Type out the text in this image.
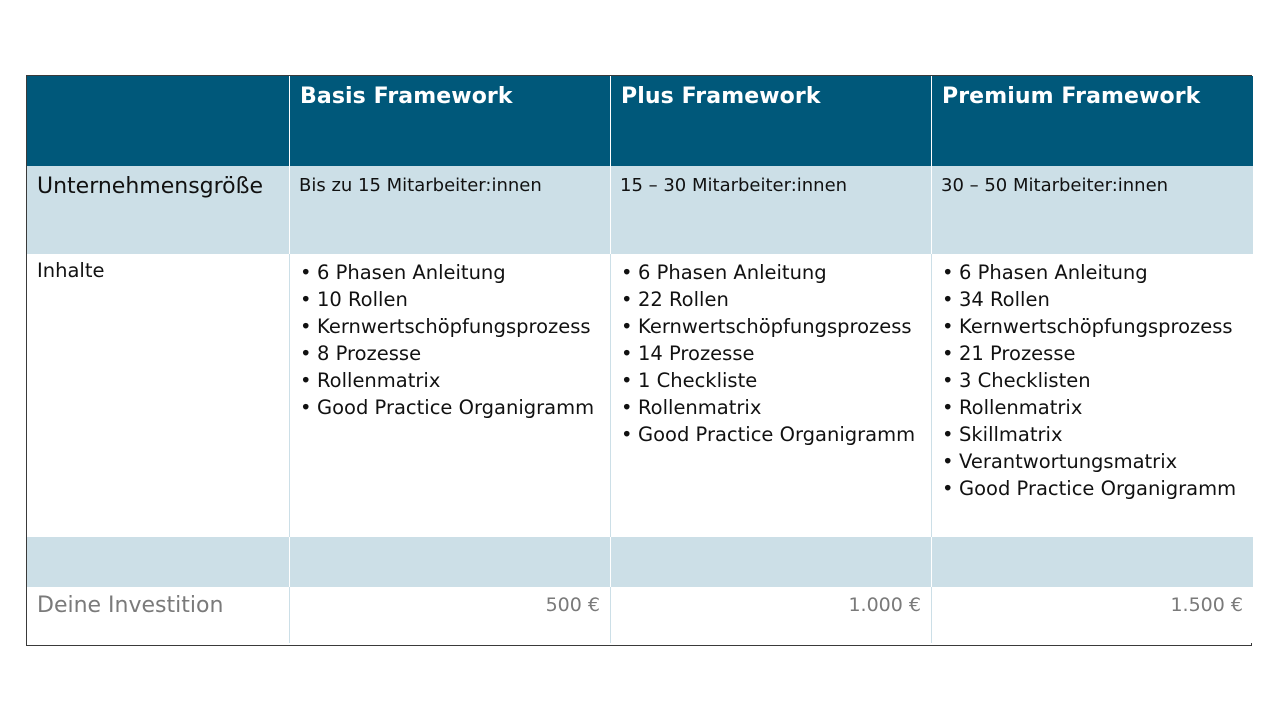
Basis Framework	Plus Framework	Premium Framework
Unternehmensgröße	Bis zu 15 Mitarbeiter:innen	15 – 30 Mitarbeiter:innen	30 – 50 Mitarbeiter:innen
Inhalte
•	6 Phasen Anleitung
• 10 Rollen
• Kernwertschöpfungsprozess
• 8 Prozesse
• Rollenmatrix
• Good Practice Organigramm
• 6 Phasen Anleitung
• 22 Rollen
• Kernwertschöpfungsprozess
• 14 Prozesse
• 1 Checkliste
• Rollenmatrix
• Good Practice Organigramm
• 6 Phasen Anleitung
• 34 Rollen
• Kernwertschöpfungsprozess
• 21 Prozesse
• 3 Checklisten
• Rollenmatrix
• Skillmatrix
• Verantwortungsmatrix
• Good Practice Organigramm
Deine Investition	500 €	1.000 €	1.500 €
